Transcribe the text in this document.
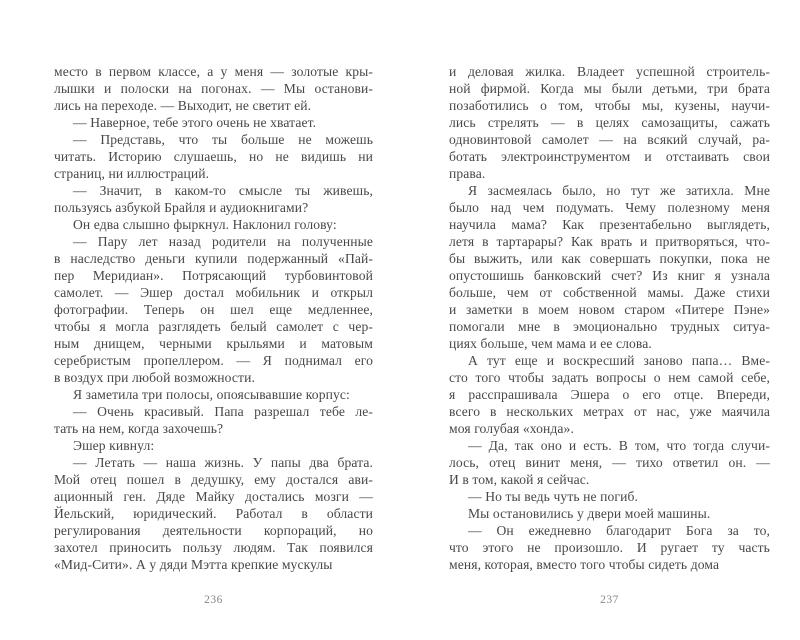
место в первом классе, а у меня — золотые кры-
лышки и полоски на погонах. — Мы останови-
лись на переходе. — Выходит, не светит ей.
— Наверное, тебе этого очень не хватает.
— Представь, что ты больше не можешь
читать. Историю слушаешь, но не видишь ни
страниц, ни иллюстраций.
— Значит, в каком-то смысле ты живешь,
пользуясь азбукой Брайля и аудиокнигами?
Он едва слышно фыркнул. Наклонил голову:
— Пару лет назад родители на полученные
в наследство деньги купили подержанный «Пай-
пер Меридиан». Потрясающий турбовинтовой
самолет. — Эшер достал мобильник и открыл
фотографии. Теперь он шел еще медленнее,
чтобы я могла разглядеть белый самолет с чер-
ным днищем, черными крыльями и матовым
серебристым пропеллером. — Я поднимал его
в воздух при любой возможности.
Я заметила три полосы, опоясывавшие корпус:
— Очень красивый. Папа разрешал тебе ле-
тать на нем, когда захочешь?
Эшер кивнул:
— Летать — наша жизнь. У папы два брата.
Мой отец пошел в дедушку, ему достался ави-
ационный ген. Дяде Майку достались мозги —
Йельский, юридический. Работал в области
регулирования деятельности корпораций, но
захотел приносить пользу людям. Так появился
«Мид-Сити». А у дяди Мэтта крепкие мускулы
236
и деловая жилка. Владеет успешной строитель-
ной фирмой. Когда мы были детьми, три брата
позаботились о том, чтобы мы, кузены, научи-
лись стрелять — в целях самозащиты, сажать
одновинтовой самолет — на всякий случай, ра-
ботать электроинструментом и отстаивать свои
права.
Я засмеялась было, но тут же затихла. Мне
было над чем подумать. Чему полезному меня
научила мама? Как презентабельно выглядеть,
летя в тартарары? Как врать и притворяться, что-
бы выжить, или как совершать покупки, пока не
опустошишь банковский счет? Из книг я узнала
больше, чем от собственной мамы. Даже стихи
и заметки в моем новом старом «Питере Пэне»
помогали мне в эмоционально трудных ситуа-
циях больше, чем мама и ее слова.
А тут еще и воскресший заново папа… Вме-
сто того чтобы задать вопросы о нем самой себе,
я расспрашивала Эшера о его отце. Впереди,
всего в нескольких метрах от нас, уже маячила
моя голубая «хонда».
— Да, так оно и есть. В том, что тогда случи-
лось, отец винит меня, — тихо ответил он. —
И в том, какой я сейчас.
— Но ты ведь чуть не погиб.
Мы остановились у двери моей машины.
— Он ежедневно благодарит Бога за то,
что этого не произошло. И ругает ту часть
меня, которая, вместо того чтобы сидеть дома
237
